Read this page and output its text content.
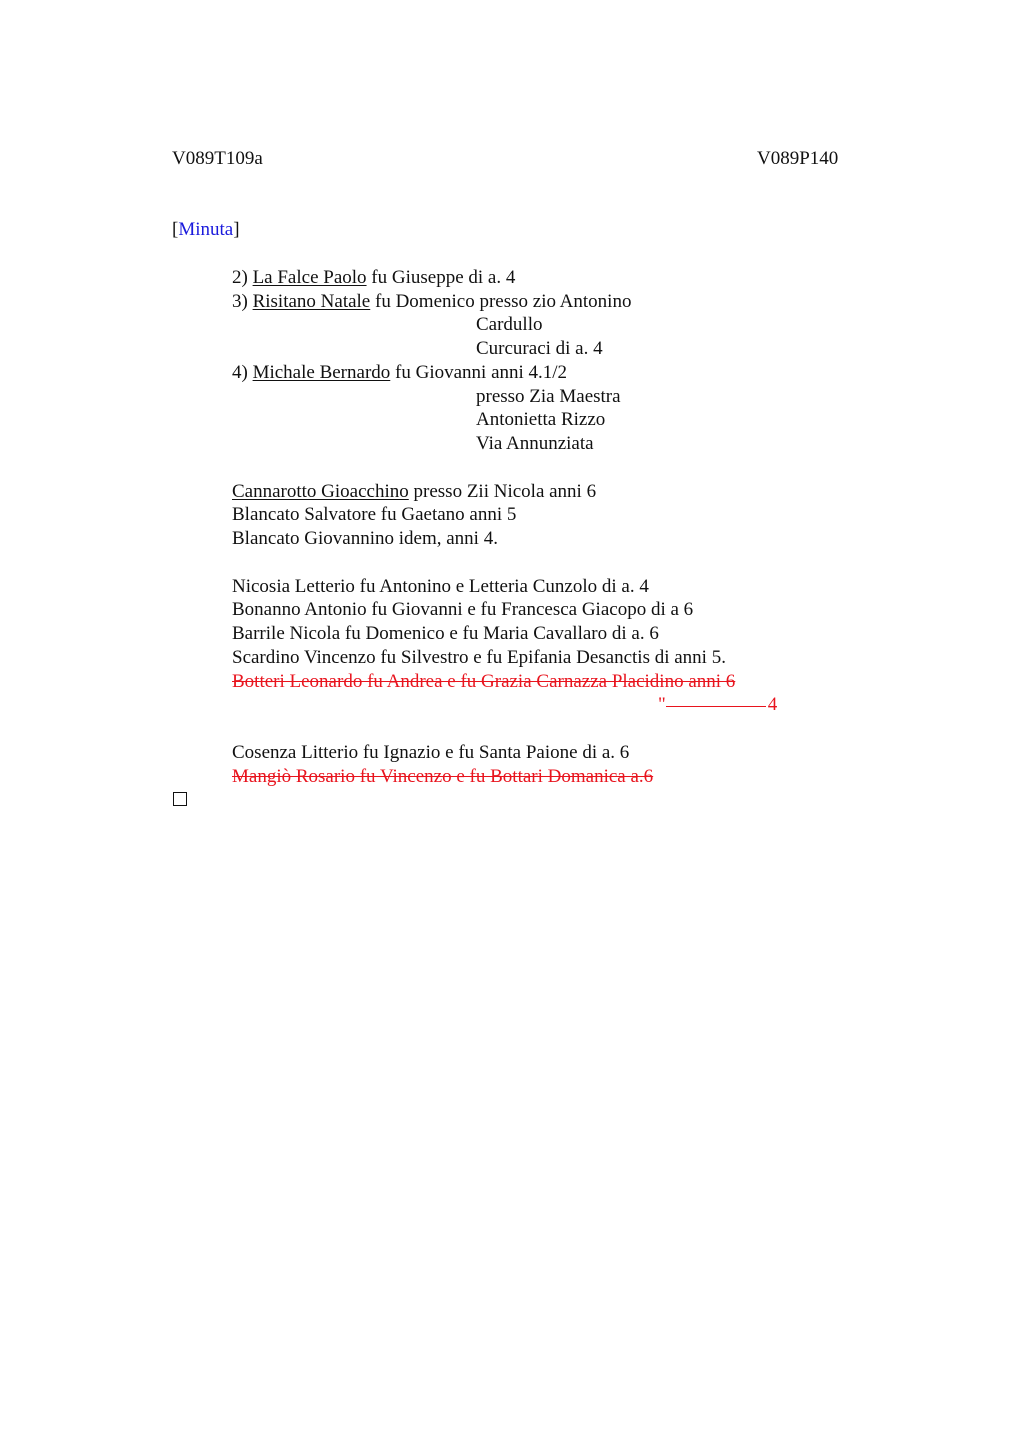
V089T109a	V089P140
[Minuta]
2) La Falce Paolo fu Giuseppe di a. 4
3) Risitano Natale fu Domenico presso zio Antonino
Cardullo
Curcuraci di a. 4
4) Michale Bernardo fu Giovanni anni 4.1/2
presso Zia Maestra
Antonietta Rizzo
Via Annunziata
Cannarotto Gioacchino presso Zii Nicola anni 6
Blancato Salvatore fu Gaetano anni 5
Blancato Giovannino idem, anni 4.
Nicosia Letterio fu Antonino e Letteria Cunzolo di a. 4
Bonanno Antonio fu Giovanni e fu Francesca Giacopo di a 6
Barrile Nicola fu Domenico e fu Maria Cavallaro di a. 6
Scardino Vincenzo fu Silvestro e fu Epifania Desanctis di anni 5.
Botteri Leonardo fu Andrea e fu Grazia Carnazza Placidino anni 6
"	4
Cosenza Litterio fu Ignazio e fu Santa Paione di a. 6
Mangiò Rosario fu Vincenzo e fu Bottari Domanica a.6
